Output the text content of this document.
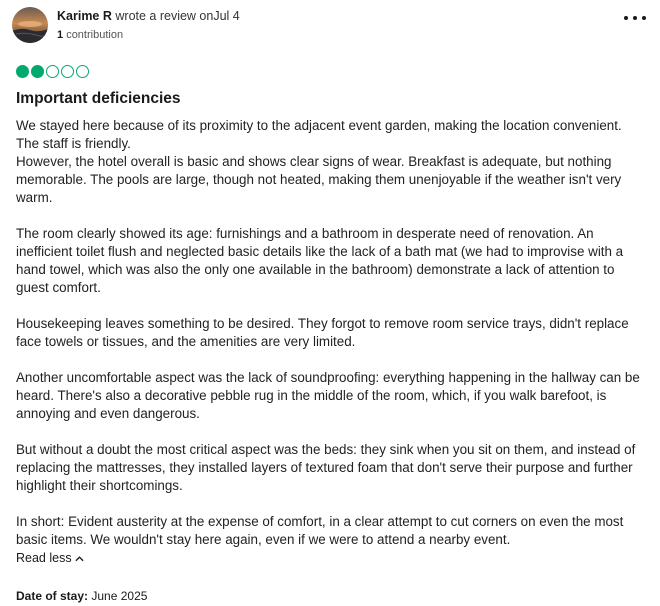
Karime R wrote a review onJul 4
1 contribution
Important deficiencies

We stayed here because of its proximity to the adjacent event garden, making the location convenient. The staff is friendly.
However, the hotel overall is basic and shows clear signs of wear. Breakfast is adequate, but nothing memorable. The pools are large, though not heated, making them unenjoyable if the weather isn't very warm.

The room clearly showed its age: furnishings and a bathroom in desperate need of renovation. An inefficient toilet flush and neglected basic details like the lack of a bath mat (we had to improvise with a hand towel, which was also the only one available in the bathroom) demonstrate a lack of attention to guest comfort.

Housekeeping leaves something to be desired. They forgot to remove room service trays, didn't replace face towels or tissues, and the amenities are very limited.

Another uncomfortable aspect was the lack of soundproofing: everything happening in the hallway can be heard. There's also a decorative pebble rug in the middle of the room, which, if you walk barefoot, is annoying and even dangerous.

But without a doubt the most critical aspect was the beds: they sink when you sit on them, and instead of replacing the mattresses, they installed layers of textured foam that don't serve their purpose and further highlight their shortcomings.

In short: Evident austerity at the expense of comfort, in a clear attempt to cut corners on even the most basic items. We wouldn't stay here again, even if we were to attend a nearby event.

Read less
Date of stay: June 2025
